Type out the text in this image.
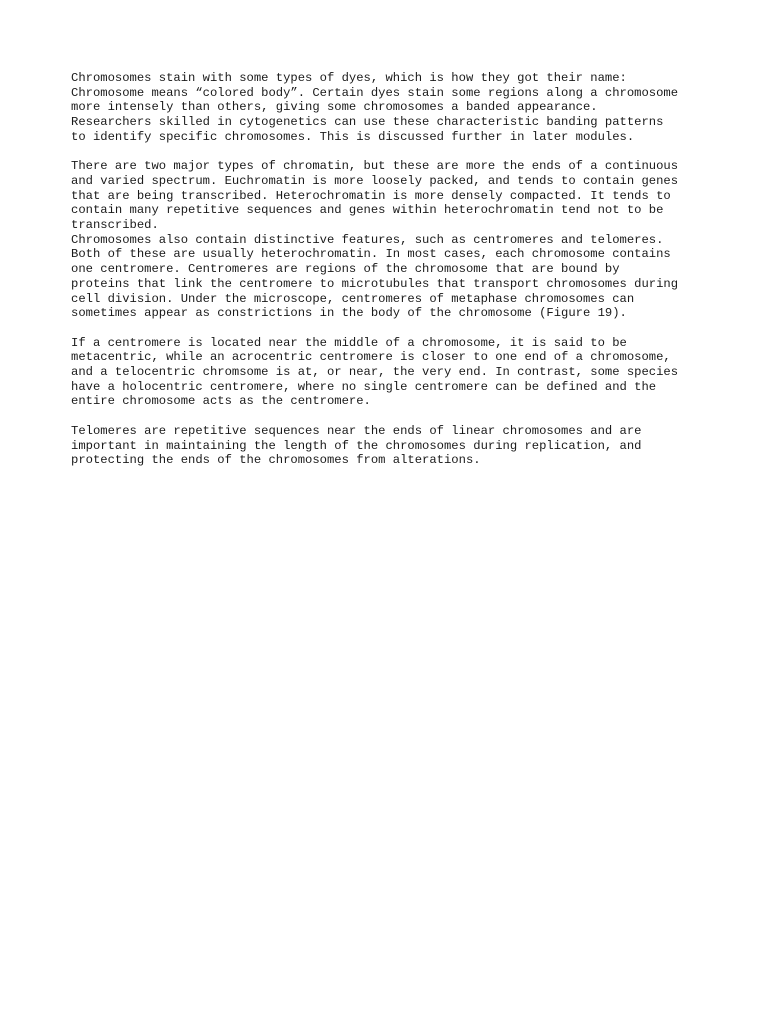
Chromosomes stain with some types of dyes, which is how they got their name:
Chromosome means “colored body”. Certain dyes stain some regions along a chromosome
more intensely than others, giving some chromosomes a banded appearance.
Researchers skilled in cytogenetics can use these characteristic banding patterns
to identify specific chromosomes. This is discussed further in later modules.

There are two major types of chromatin, but these are more the ends of a continuous
and varied spectrum. Euchromatin is more loosely packed, and tends to contain genes
that are being transcribed. Heterochromatin is more densely compacted. It tends to
contain many repetitive sequences and genes within heterochromatin tend not to be
transcribed.

Chromosomes also contain distinctive features, such as centromeres and telomeres.
Both of these are usually heterochromatin. In most cases, each chromosome contains
one centromere. Centromeres are regions of the chromosome that are bound by
proteins that link the centromere to microtubules that transport chromosomes during
cell division. Under the microscope, centromeres of metaphase chromosomes can
sometimes appear as constrictions in the body of the chromosome (Figure 19).

If a centromere is located near the middle of a chromosome, it is said to be
metacentric, while an acrocentric centromere is closer to one end of a chromosome,
and a telocentric chromsome is at, or near, the very end. In contrast, some species
have a holocentric centromere, where no single centromere can be defined and the
entire chromosome acts as the centromere.

Telomeres are repetitive sequences near the ends of linear chromosomes and are
important in maintaining the length of the chromosomes during replication, and
protecting the ends of the chromosomes from alterations.
